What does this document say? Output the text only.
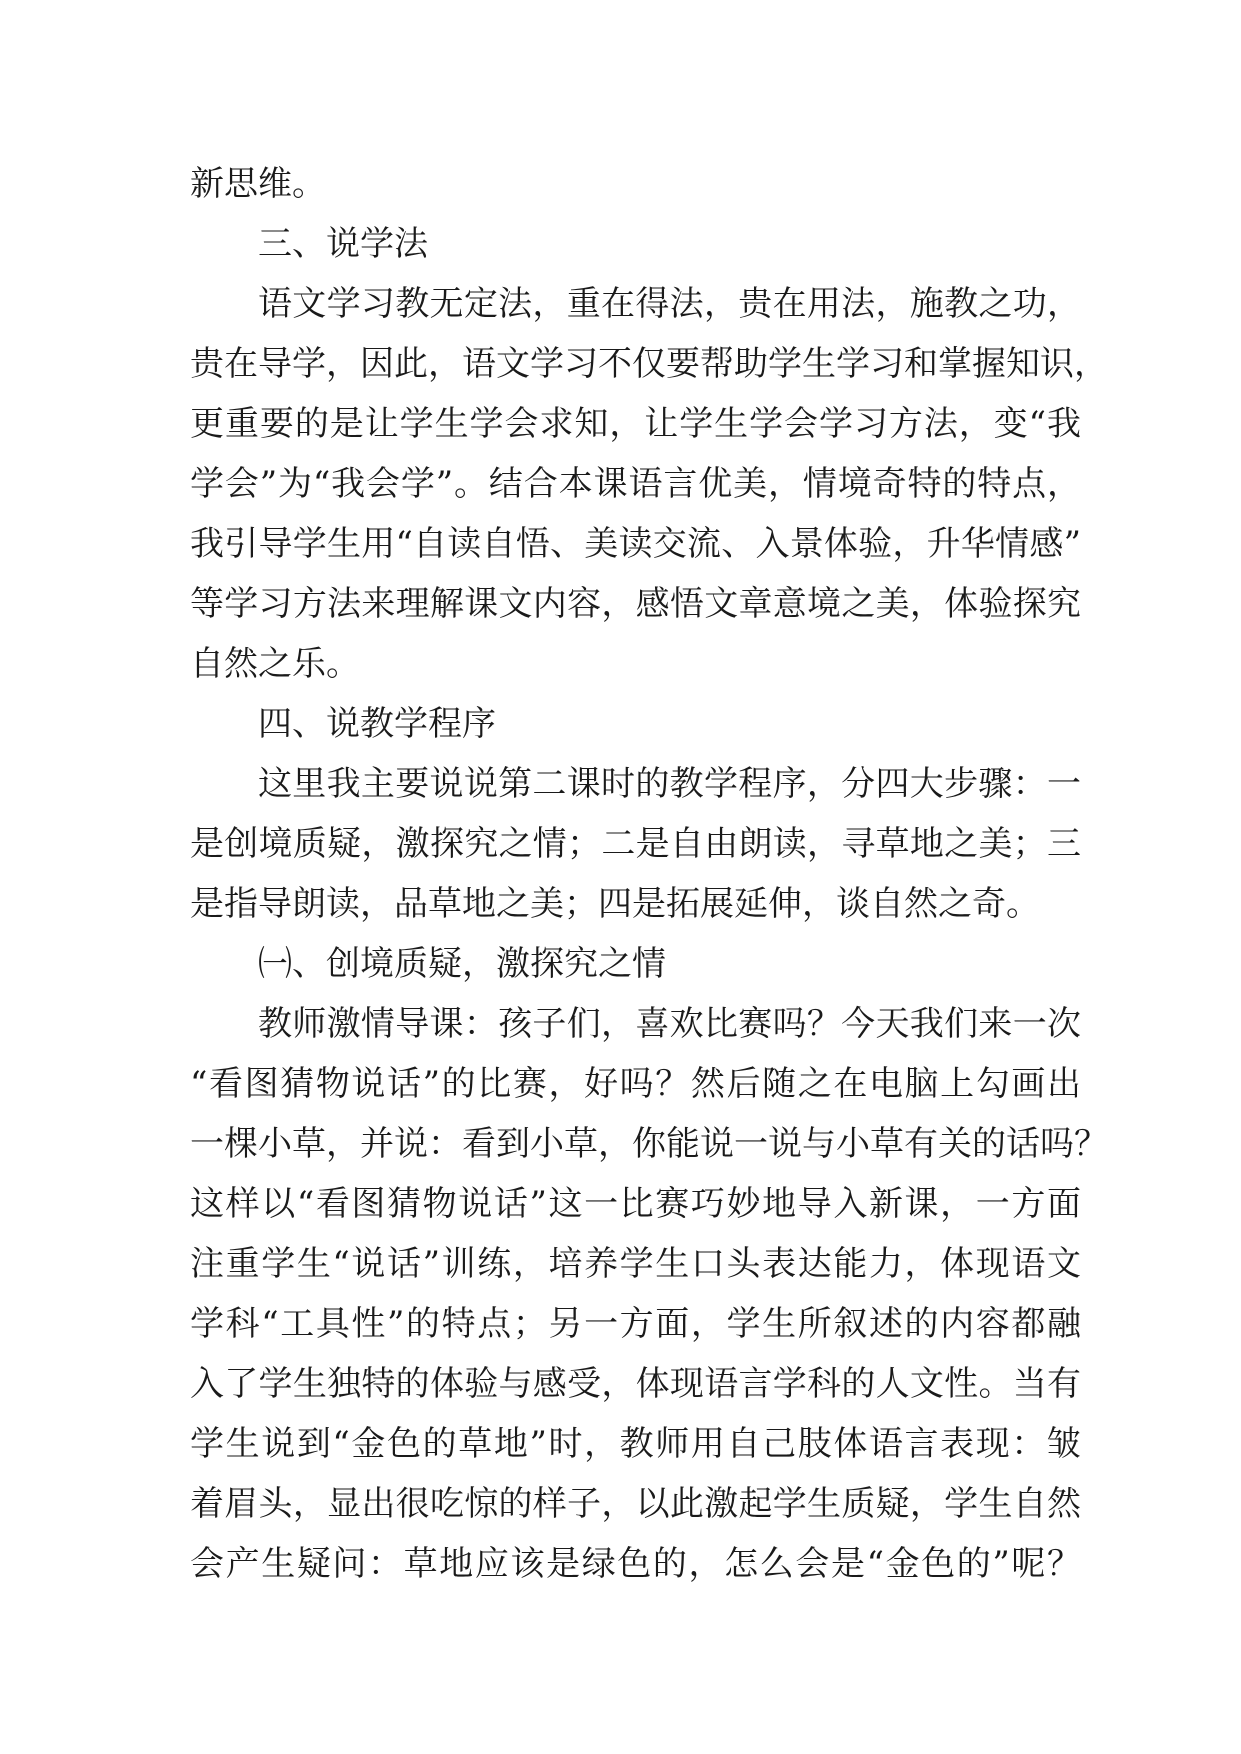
新思维。
三、说学法
语文学习教无定法，重在得法，贵在用法，施教之功，
贵在导学，因此，语文学习不仅要帮助学生学习和掌握知识，
更重要的是让学生学会求知，让学生学会学习方法，变“我
学会”为“我会学”。结合本课语言优美，情境奇特的特点，
我引导学生用“自读自悟、美读交流、入景体验，升华情感”
等学习方法来理解课文内容，感悟文章意境之美，体验探究
自然之乐。
四、说教学程序
这里我主要说说第二课时的教学程序，分四大步骤：一
是创境质疑，激探究之情；二是自由朗读，寻草地之美；三
是指导朗读，品草地之美；四是拓展延伸，谈自然之奇。
㈠、创境质疑，激探究之情
教师激情导课：孩子们，喜欢比赛吗？今天我们来一次
“看图猜物说话”的比赛，好吗？然后随之在电脑上勾画出
一棵小草，并说：看到小草，你能说一说与小草有关的话吗？
这样以“看图猜物说话”这一比赛巧妙地导入新课，一方面
注重学生“说话”训练，培养学生口头表达能力，体现语文
学科“工具性”的特点；另一方面，学生所叙述的内容都融
入了学生独特的体验与感受，体现语言学科的人文性。当有
学生说到“金色的草地”时，教师用自己肢体语言表现：皱
着眉头，显出很吃惊的样子，以此激起学生质疑，学生自然
会产生疑问：草地应该是绿色的，怎么会是“金色的”呢？
